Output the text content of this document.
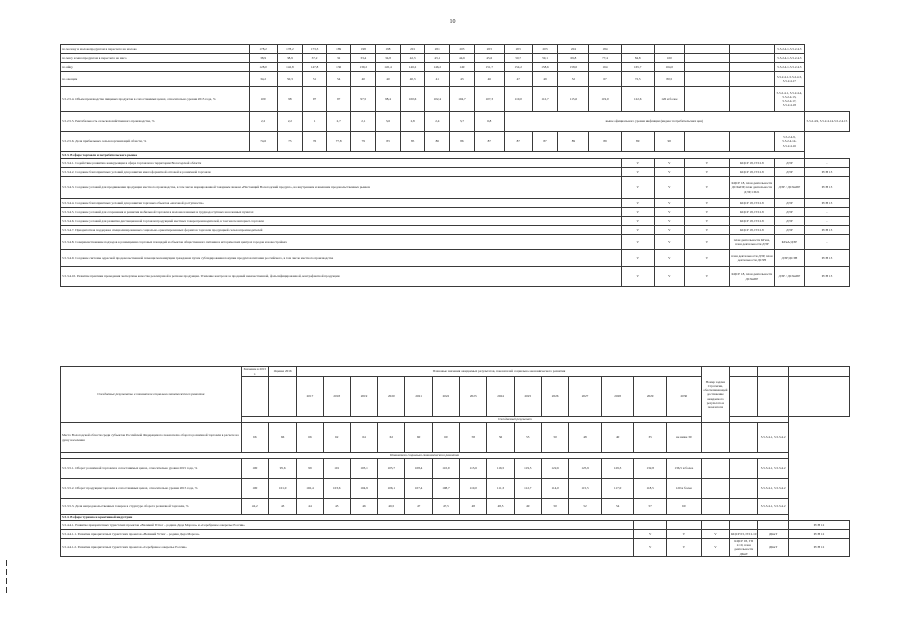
10
по молоку и молокопродуктам в пересчете на молоко	178,2	178,2	173,3	189	198	198	201	201	203	203	203	203	204	184					5.5.2.4.1-5.5.2.4.3	
по мясу и мясопродуктам в пересчете на мясо	38,9	38,9	37,2	32	33,4	34,8	42,3	43,1	44,6	45,6	50,7	59,1	69,8	77,4	84,8	100			5.5.2.4.1-5.5.2.4.3	
по яйцу	128,0	142,8	147,8	136	139,2	145,4	146,2	146,2	149	151,7	154,2	158,6	158,0	164	165,7	164,0			5.5.2.4.1-5.5.2.4.3	
по овощам	34,2	50,3	51	54	40	40	40,3	41	43	46	47	49	52	67	72,5	80,5			5.5.2.4.1-5.5.2.4.3, 5.5.2.4.17	
5.5.2.5.4. Объем производства пищевых продуктов в сопоставимых ценах, относительно уровня 2015 года, %	100	98	97	97	97,5	98,4	100,6	102,4	104,7	107,3	110,0	112,7	115,6	119,0	122,6	126 и более			5.5.2.4.1, 5.5.2.4.4, 5.5.2.4.13, 5.5.2.4.17, 5.5.2.4.18	
5.5.2.5.5. Рентабельность сельскохозяйственного производства, %	2,2	2,2	1	2,7	2,1	3,6	2,8	2,4	3,7	6,8	выше официального уровня инфляции (индекс потребительских цен)									5.5.2.4.9, 5.5.2.4.14-5.5.2.4.15
5.5.2.5.6. Доля прибыльных сельхозорганизаций области, %	74,6	75	76	77,8	79	83	85	86	86	87	87	87	89	89	89	90			5.5.2.4.9, 5.5.2.4.14-5.5.2.4.16	
5.5.3. В сфере торговли и потребительского рынка																				
5.5.3.4.1. Содействие развитию конкуренции в сфере торговли на территории Вологодской области															V	V	V	КЦСР 18, ГП 2.8	ДЭР	-
5.5.3.4.2. Создание благоприятных условий для развития многоформатной оптовой и розничной торговли															V	V	V	КЦСР 18, ГП 2.8	ДЭР	РСН 13
5.5.3.4.3. Создание условий для продвижения продукции местного производства, в том числе маркированной товарным знаком «Настоящий Вологодский продукт», на внутреннем и внешнем продовольственных рынках															V	V	V	КЦСР 18, план деятельности ДСХиПР, план деятельности ДЭР, СП21	ДЭР / ДСХиПР	РСН 13
5.5.3.4.4. Создание благоприятных условий для развития торговых объектов «шаговой доступности»															V	V	V	КЦСР 18, ГП 2.8	ДЭР	РСН 13
5.5.3.4.5. Создание условий для сохранения и развития мобильной торговли в малонаселенных и труднодоступных населенных пунктах															V	V	V	КЦСР 18, ГП 2.8	ДЭР	-
5.5.3.4.6. Создание условий для развития дистанционной торговли продукцией местных товаропроизводителей, в том числе интернет-торговли															V	V	V	КЦСР 18, ГП 2.8	ДЭР	-
5.5.3.4.7. Приоритетная поддержка специализированных социально-ориентированных форматов торговли продукцией сельхозпроизводителей															V	V	V	КЦСР 18, ГП 2.8	ДЭР	РСН 13
5.5.3.4.8. Совершенствование подходов к размещению торговых площадей и объектов общественного питания в исторических центрах городов и новостройках															V	V	V	план деятельности КГиА, план деятельности ДЭР	КГиА/ДЭР	-
5.5.3.4.9. Создание системы адресной продовольственной помощи малоимущим гражданам путем субсидирования покупки продуктов питания российского, в том числе местного производства															V	V	V	план деятельности ДЭР, план деятельности ДСЗН	ДЭР/ДСЗН	РСН 13
5.5.3.4.10. Развитие практики проведения экспертизы качества реализуемой в регионе продукции. Усиление контроля за продажей некачественной, фальсифицированной, контрафактной продукции															V	V	V	КЦСР 18, план деятельности ДСХиПР	ДЭР / ДСХиПР	РСН 13
Ожидаемые результаты и показатели социально-экономического развития	Значение в 2015 г.	Оценка 2016	Плановые значения ожидаемых результатов, показателей социально-экономического развития														Номер задачи Стратегии, обеспечивающей достижение ожидаемого результата и показателя			
			2017	2018	2019	2020	2021	2022	2023	2024	2025	2026	2027	2028	2029	2030				
	Ожидаемый результат																			
Место Вологодской области среди субъектов Российской Федерации по показателю оборота розничной торговли в расчете на душу населения	66	66	66	62	64	62	60	60	58	56	55	50	48	40	35	не ниже 30			5.5.3.4.1, 5.5.3.4.2	
Показатели социально-экономического развития																				
5.5.3.5.1. Оборот розничной торговли в сопоставимых ценах, относительно уровня 2015 года, %	100	95,6	99	101	103,1	105,7	108,4	110,9	113,6	116,5	119,5	122,6	125,9	129,3	132,8	136,5 и более			5.5.3.4.1, 5.5.3.4.2	
5.5.3.5.2. Оборот продукции торговли в сопоставимых ценах, относительно уровня 2015 года, %	100	101,0	102,4	103,6	104,9	106,1	107,4	108,7	110,0	111,3	112,7	114,0	115,5	117,0	118,5	120 и более			5.5.3.4.1, 5.5.3.4.2	
5.5.3.5.3. Доля непродовольственных товаров в структуре оборота розничной торговли, %	42,2	43	44	45	46	46,5	47	47,5	48	48,5	49	50	52	54	57	60			5.5.3.4.1, 5.5.3.4.2	
5.5.4. В сфере туризма и креативной индустрии																				
5.5.4.4.1. Развитие приоритетных туристских проектов «Великий Устюг – родина Деда Мороза» и «Серебряное ожерелье России»																				РСН 12
5.5.4.4.1.1. Развитие приоритетных туристских проектов «Великий Устюг – родина Деда Мороза»															V	V	V	КЦСР 03, ГП 2.10	ДКиТ	РСН 12
5.5.4.4.1.2. Развитие приоритетных туристских проектов «Серебряное ожерелье России»															V	V	V	КЦСР 03, ГП 2.10, план деятельности ДКиТ	ДКиТ	РСН 12
